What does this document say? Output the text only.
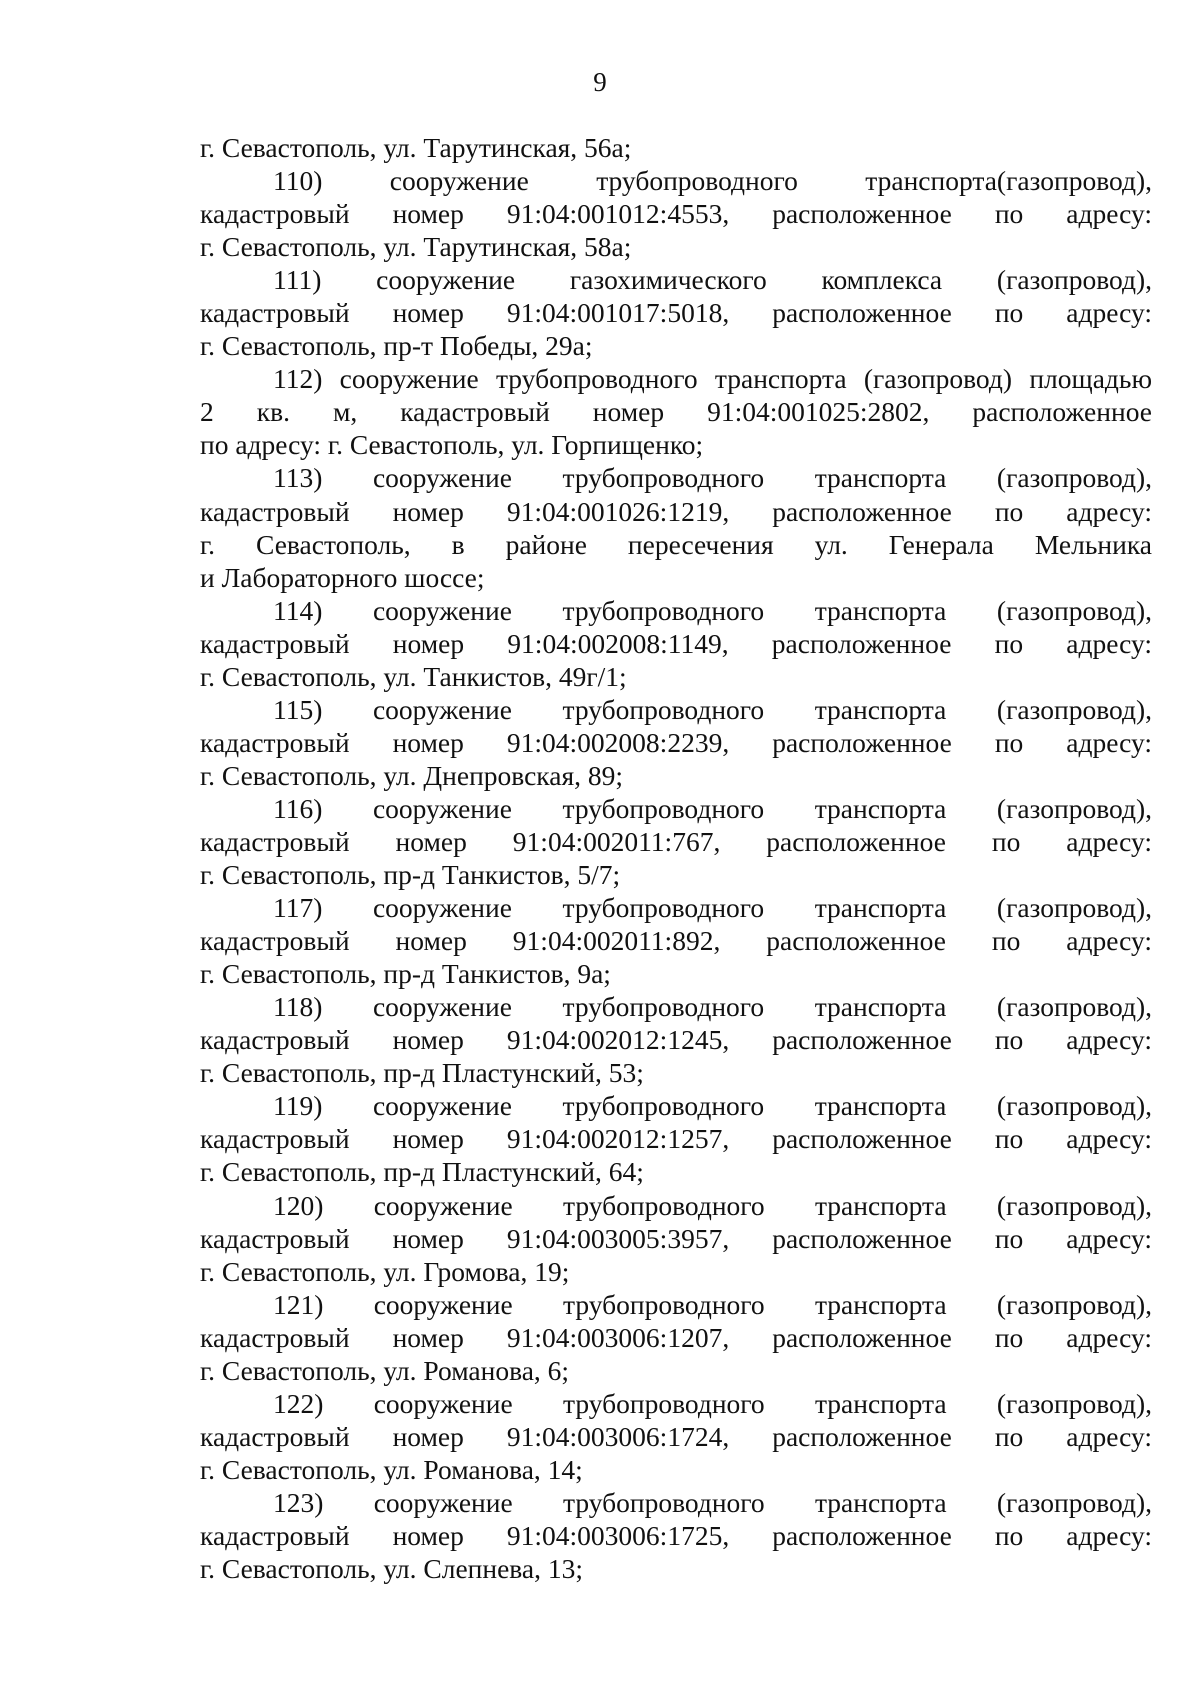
9
г. Севастополь, ул. Тарутинская, 56а;
110) сооружение трубопроводного транспорта(газопровод),
кадастровый номер 91:04:001012:4553, расположенное по адресу:
г. Севастополь, ул. Тарутинская, 58а;
111) сооружение газохимического комплекса (газопровод),
кадастровый номер 91:04:001017:5018, расположенное по адресу:
г. Севастополь, пр-т Победы, 29а;
112) сооружение трубопроводного транспорта (газопровод) площадью
2 кв. м, кадастровый номер 91:04:001025:2802, расположенное
по адресу: г. Севастополь, ул. Горпищенко;
113) сооружение трубопроводного транспорта (газопровод),
кадастровый номер 91:04:001026:1219, расположенное по адресу:
г. Севастополь, в районе пересечения ул. Генерала Мельника
и Лабораторного шоссе;
114) сооружение трубопроводного транспорта (газопровод),
кадастровый номер 91:04:002008:1149, расположенное по адресу:
г. Севастополь, ул. Танкистов, 49г/1;
115) сооружение трубопроводного транспорта (газопровод),
кадастровый номер 91:04:002008:2239, расположенное по адресу:
г. Севастополь, ул. Днепровская, 89;
116) сооружение трубопроводного транспорта (газопровод),
кадастровый номер 91:04:002011:767, расположенное по адресу:
г. Севастополь, пр-д Танкистов, 5/7;
117) сооружение трубопроводного транспорта (газопровод),
кадастровый номер 91:04:002011:892, расположенное по адресу:
г. Севастополь, пр-д Танкистов, 9а;
118) сооружение трубопроводного транспорта (газопровод),
кадастровый номер 91:04:002012:1245, расположенное по адресу:
г. Севастополь, пр-д Пластунский, 53;
119) сооружение трубопроводного транспорта (газопровод),
кадастровый номер 91:04:002012:1257, расположенное по адресу:
г. Севастополь, пр-д Пластунский, 64;
120) сооружение трубопроводного транспорта (газопровод),
кадастровый номер 91:04:003005:3957, расположенное по адресу:
г. Севастополь, ул. Громова, 19;
121) сооружение трубопроводного транспорта (газопровод),
кадастровый номер 91:04:003006:1207, расположенное по адресу:
г. Севастополь, ул. Романова, 6;
122) сооружение трубопроводного транспорта (газопровод),
кадастровый номер 91:04:003006:1724, расположенное по адресу:
г. Севастополь, ул. Романова, 14;
123) сооружение трубопроводного транспорта (газопровод),
кадастровый номер 91:04:003006:1725, расположенное по адресу:
г. Севастополь, ул. Слепнева, 13;
